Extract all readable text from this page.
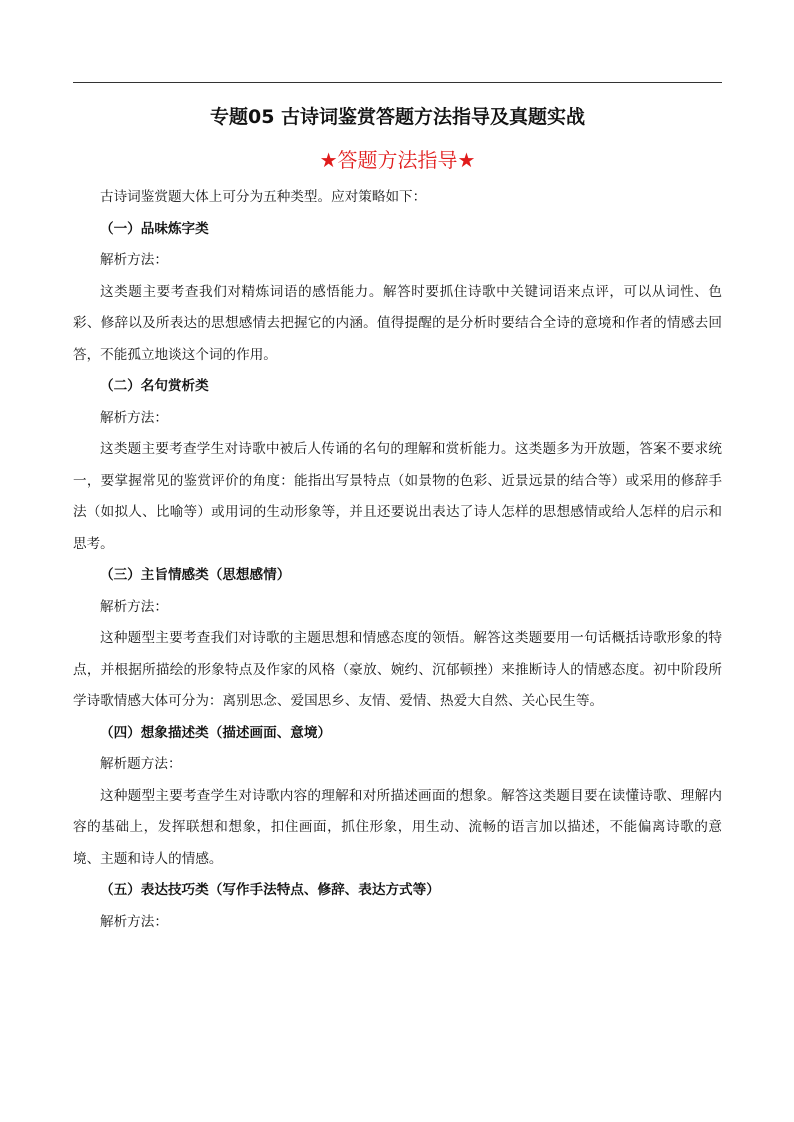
专题05 古诗词鉴赏答题方法指导及真题实战
★答题方法指导★

古诗词鉴赏题大体上可分为五种类型。应对策略如下：

（一）品味炼字类

解析方法：

这类题主要考查我们对精炼词语的感悟能力。解答时要抓住诗歌中关键词语来点评，可以从词性、色彩、修辞以及所表达的思想感情去把握它的内涵。值得提醒的是分析时要结合全诗的意境和作者的情感去回答，不能孤立地谈这个词的作用。

（二）名句赏析类

解析方法：

这类题主要考查学生对诗歌中被后人传诵的名句的理解和赏析能力。这类题多为开放题，答案不要求统一，要掌握常见的鉴赏评价的角度：能指出写景特点（如景物的色彩、近景远景的结合等）或采用的修辞手法（如拟人、比喻等）或用词的生动形象等，并且还要说出表达了诗人怎样的思想感情或给人怎样的启示和思考。

（三）主旨情感类（思想感情）

解析方法：

这种题型主要考查我们对诗歌的主题思想和情感态度的领悟。解答这类题要用一句话概括诗歌形象的特点，并根据所描绘的形象特点及作家的风格（豪放、婉约、沉郁顿挫）来推断诗人的情感态度。初中阶段所学诗歌情感大体可分为：离别思念、爱国思乡、友情、爱情、热爱大自然、关心民生等。

（四）想象描述类（描述画面、意境）

解析题方法：

这种题型主要考查学生对诗歌内容的理解和对所描述画面的想象。解答这类题目要在读懂诗歌、理解内容的基础上，发挥联想和想象，扣住画面，抓住形象，用生动、流畅的语言加以描述，不能偏离诗歌的意境、主题和诗人的情感。

（五）表达技巧类（写作手法特点、修辞、表达方式等）

解析方法：
